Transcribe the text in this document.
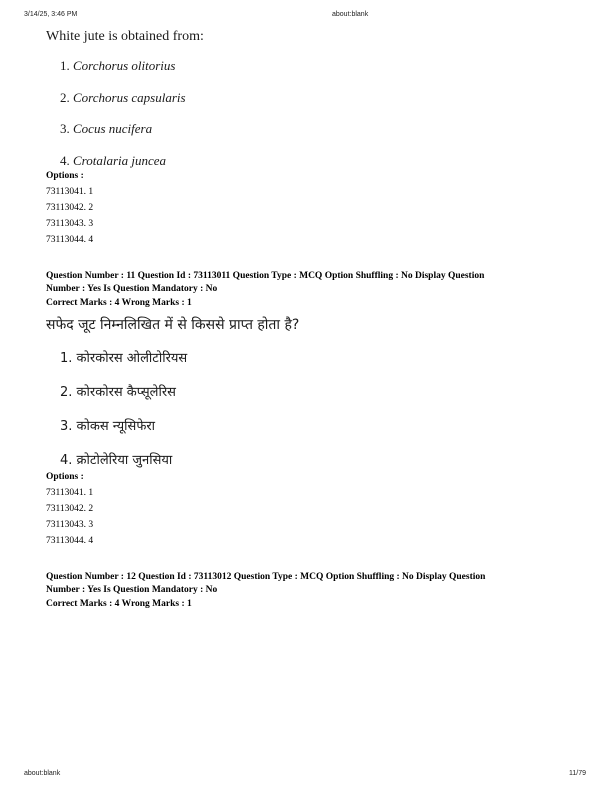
3/14/25, 3:46 PM	about:blank
White jute is obtained from:
1. Corchorus olitorius
2. Corchorus capsularis
3. Cocus nucifera
4. Crotalaria juncea
Options :
73113041. 1
73113042. 2
73113043. 3
73113044. 4
Question Number : 11 Question Id : 73113011 Question Type : MCQ Option Shuffling : No Display Question
Number : Yes Is Question Mandatory : No
Correct Marks : 4 Wrong Marks : 1
सफेद जूट निम्नलिखित में से किससे प्राप्त होता है?
1. कोरकोरस ओलीटोरियस
2. कोरकोरस कैप्सूलेरिस
3. कोकस न्यूसिफेरा
4. क्रोटोलेरिया जुनसिया
Options :
73113041. 1
73113042. 2
73113043. 3
73113044. 4
Question Number : 12 Question Id : 73113012 Question Type : MCQ Option Shuffling : No Display Question
Number : Yes Is Question Mandatory : No
Correct Marks : 4 Wrong Marks : 1
about:blank	11/79
